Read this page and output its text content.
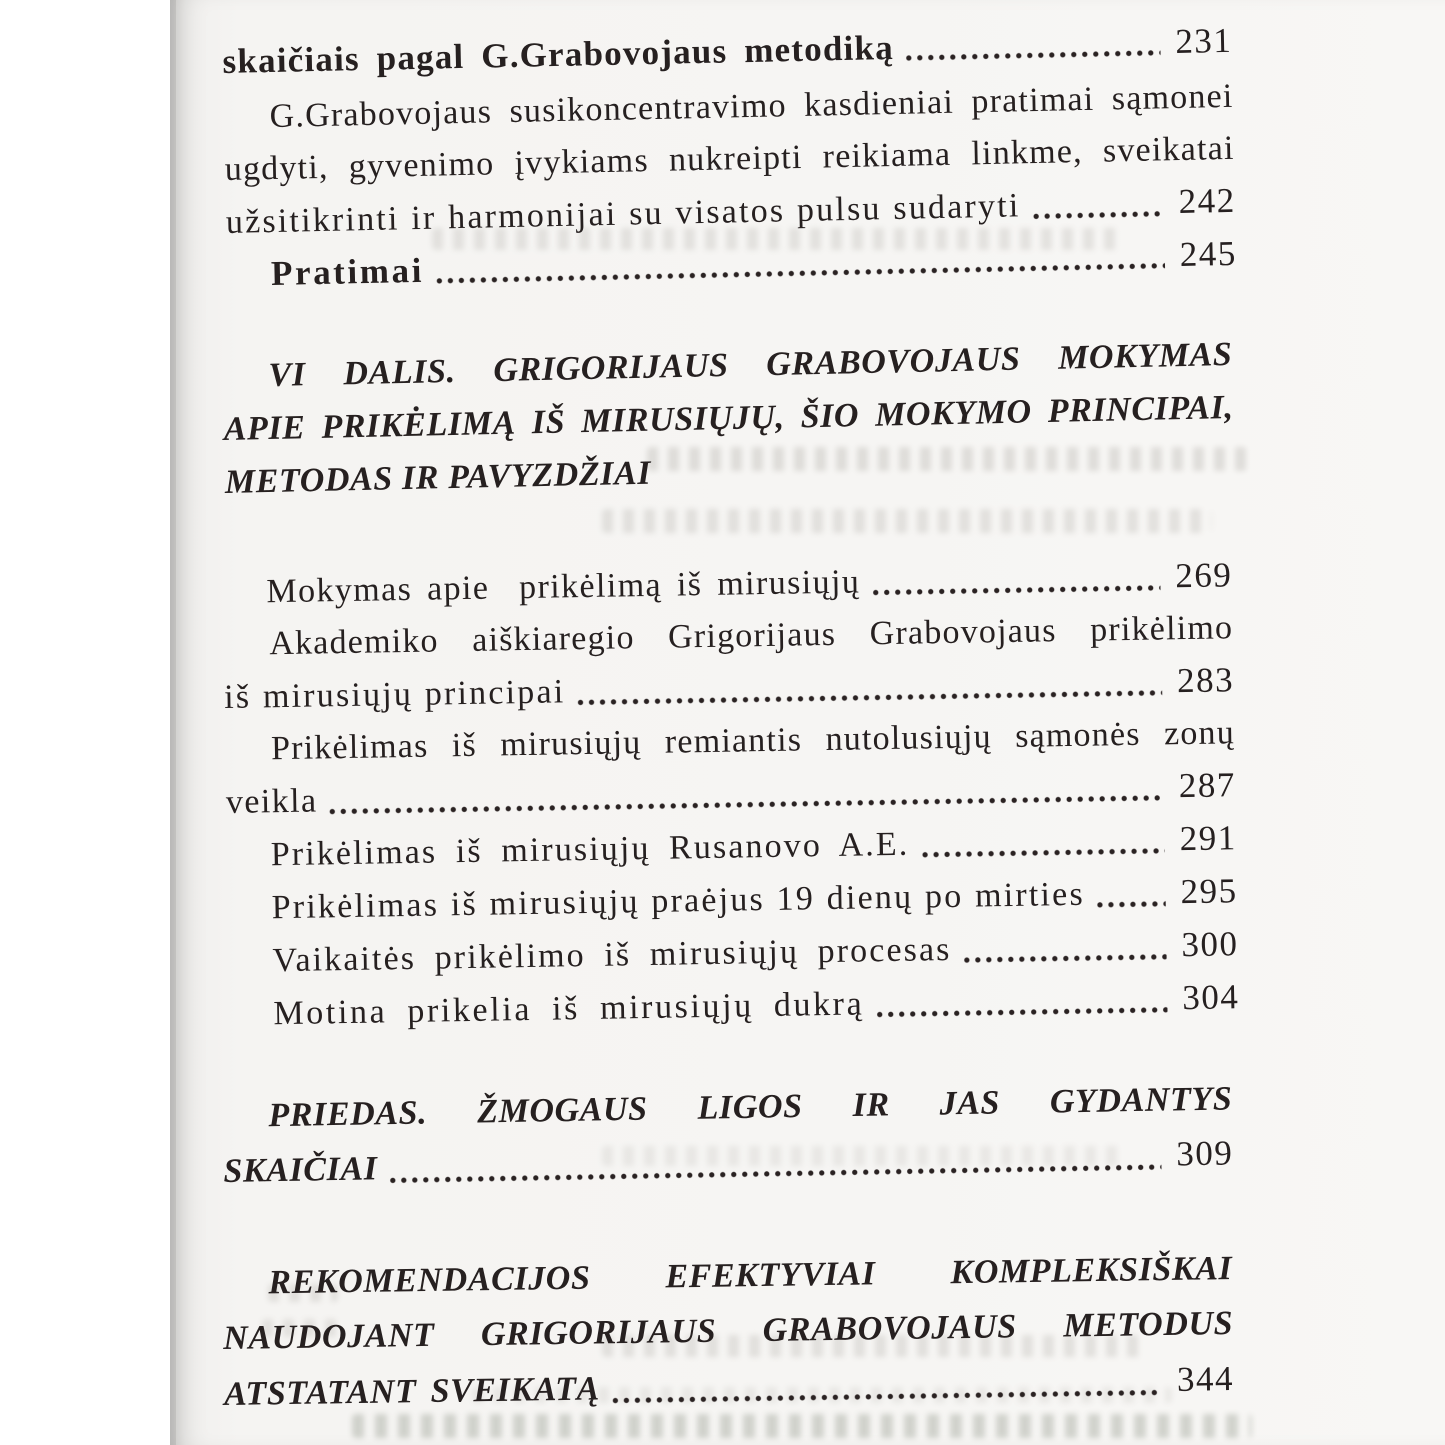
skaičiais pagal G.Grabovojaus metodiką	231
G.Grabovojaus susikoncentravimo kasdieniai pratimai sąmonei
ugdyti, gyvenimo įvykiams nukreipti reikiama linkme, sveikatai
užsitikrinti ir harmonijai su visatos pulsu sudaryti	242
Pratimai	245
VI DALIS. GRIGORIJAUS GRABOVOJAUS MOKYMAS
APIE PRIKĖLIMĄ IŠ MIRUSIŲJŲ, ŠIO MOKYMO PRINCIPAI,
METODAS IR PAVYZDŽIAI
Mokymas apie  prikėlimą iš mirusiųjų	269
Akademiko aiškiaregio Grigorijaus Grabovojaus prikėlimo
iš mirusiųjų principai	283
Prikėlimas iš mirusiųjų remiantis nutolusiųjų sąmonės zonų
veikla	287
Prikėlimas iš mirusiųjų Rusanovo A.E.	291
Prikėlimas iš mirusiųjų praėjus 19 dienų po mirties	295
Vaikaitės prikėlimo iš mirusiųjų procesas	300
Motina prikelia iš mirusiųjų dukrą	304
PRIEDAS. ŽMOGAUS LIGOS IR JAS GYDANTYS
SKAIČIAI	309
REKOMENDACIJOS EFEKTYVIAI KOMPLEKSIŠKAI
NAUDOJANT GRIGORIJAUS GRABOVOJAUS METODUS
ATSTATANT SVEIKATĄ	344
